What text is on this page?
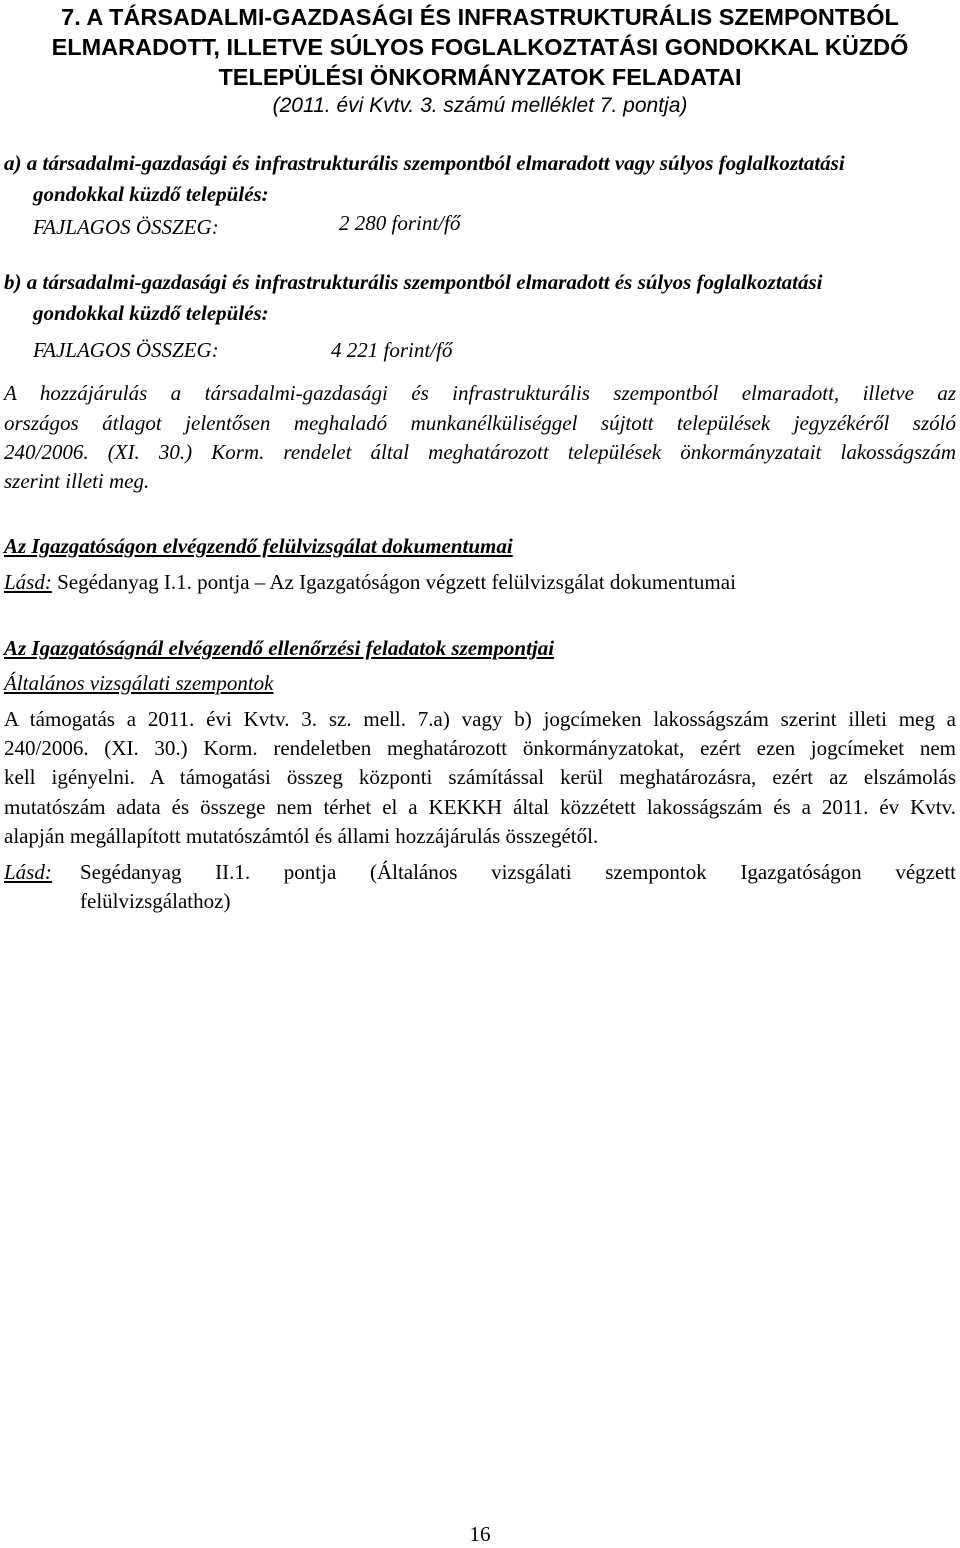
7. A TÁRSADALMI-GAZDASÁGI ÉS INFRASTRUKTURÁLIS SZEMPONTBÓL
ELMARADOTT, ILLETVE SÚLYOS FOGLALKOZTATÁSI GONDOKKAL KÜZDŐ
TELEPÜLÉSI ÖNKORMÁNYZATOK FELADATAI
(2011. évi Kvtv. 3. számú melléklet 7. pontja)
a) a társadalmi-gazdasági és infrastrukturális szempontból elmaradott vagy súlyos foglalkoztatási
gondokkal küzdő település:
FAJLAGOS ÖSSZEG:	2 280 forint/fő
b) a társadalmi-gazdasági és infrastrukturális szempontból elmaradott és súlyos foglalkoztatási
gondokkal küzdő település:
FAJLAGOS ÖSSZEG:	4 221 forint/fő
A hozzájárulás a társadalmi-gazdasági és infrastrukturális szempontból elmaradott, illetve az
országos átlagot jelentősen meghaladó munkanélküliséggel sújtott települések jegyzékéről szóló
240/2006. (XI. 30.) Korm. rendelet által meghatározott települések önkormányzatait lakosságszám
szerint illeti meg.
Az Igazgatóságon elvégzendő felülvizsgálat dokumentumai
Lásd: Segédanyag I.1. pontja – Az Igazgatóságon végzett felülvizsgálat dokumentumai
Az Igazgatóságnál elvégzendő ellenőrzési feladatok szempontjai
Általános vizsgálati szempontok
A támogatás a 2011. évi Kvtv. 3. sz. mell. 7.a) vagy b) jogcímeken lakosságszám szerint illeti meg a
240/2006. (XI. 30.) Korm. rendeletben meghatározott önkormányzatokat, ezért ezen jogcímeket nem
kell igényelni. A támogatási összeg központi számítással kerül meghatározásra, ezért az elszámolás
mutatószám adata és összege nem térhet el a KEKKH által közzétett lakosságszám és a 2011. év Kvtv.
alapján megállapított mutatószámtól és állami hozzájárulás összegétől.
Lásd: Segédanyag II.1. pontja (Általános vizsgálati szempontok Igazgatóságon végzett
felülvizsgálathoz)
16
